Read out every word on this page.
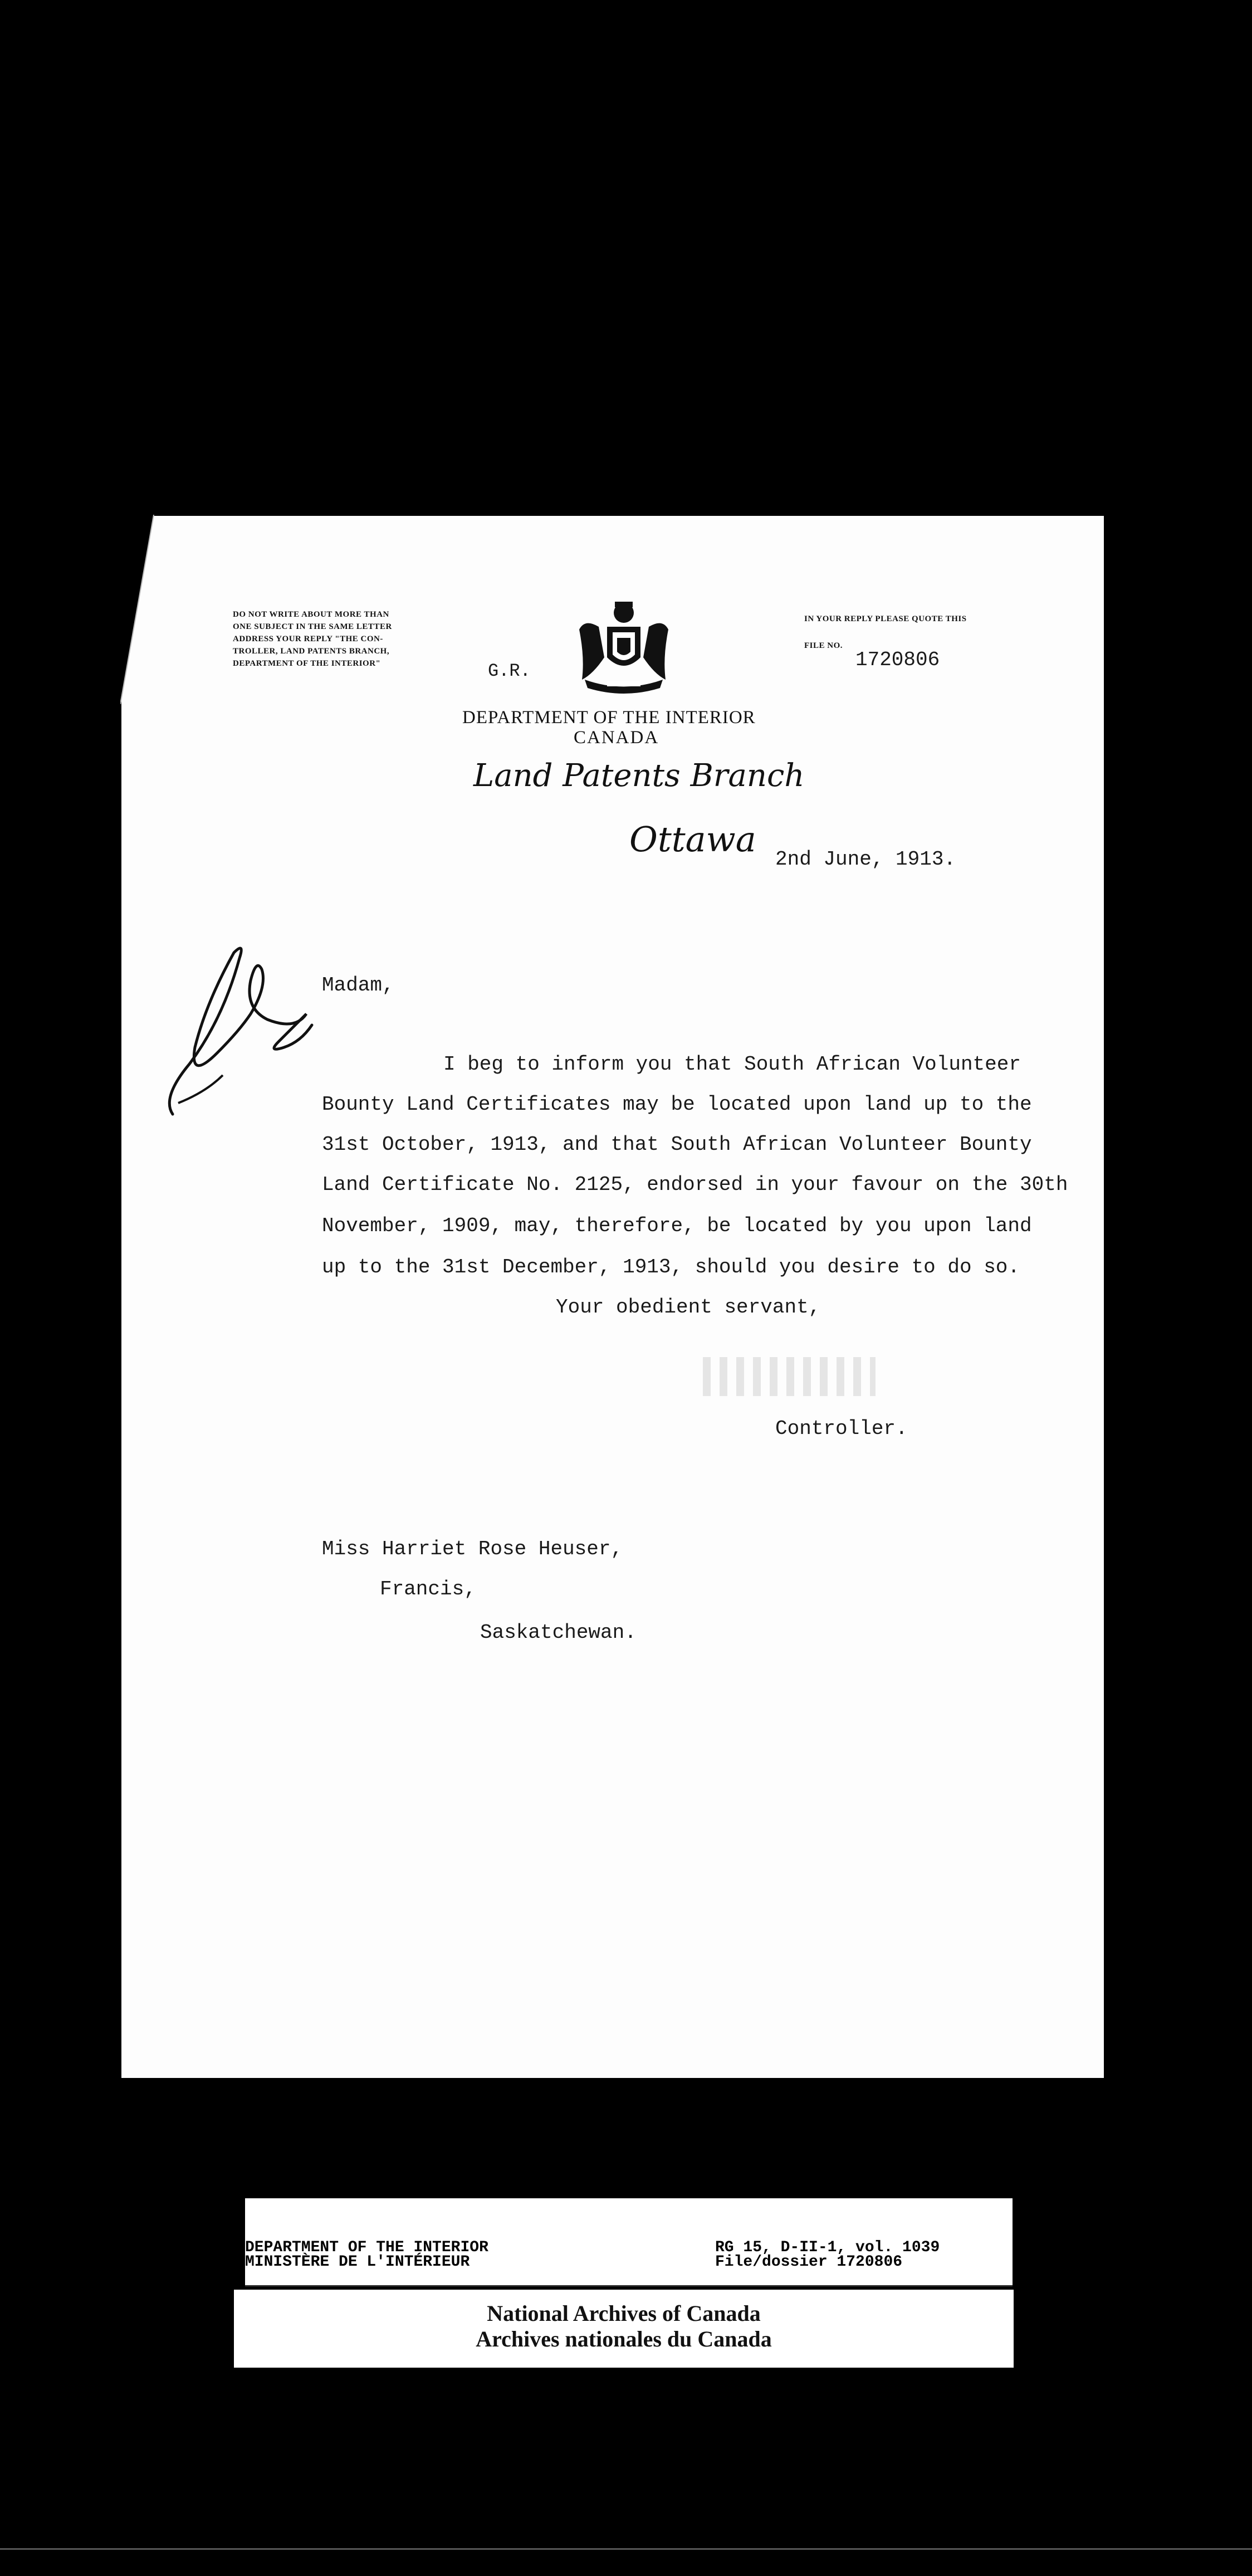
DO NOT WRITE ABOUT MORE THAN
ONE SUBJECT IN THE SAME LETTER
ADDRESS YOUR REPLY "THE CON-
TROLLER, LAND PATENTS BRANCH,
DEPARTMENT OF THE INTERIOR"	G.R.
IN YOUR REPLY PLEASE QUOTE THIS
FILE NO.
1720806
DEPARTMENT OF THE INTERIOR
CANADA
Land Patents Branch
Ottawa 2nd June, 1913.
Madam,
I beg to inform you that South African Volunteer
Bounty Land Certificates may be located upon land up to the
31st October, 1913, and that South African Volunteer Bounty
Land Certificate No. 2125, endorsed in your favour on the 30th
November, 1909, may, therefore, be located by you upon land
up to the 31st December, 1913, should you desire to do so.
Your obedient servant,
Controller.
Miss Harriet Rose Heuser,
Francis,
Saskatchewan.
DEPARTMENT OF THE INTERIOR
MINISTÈRE DE L'INTÉRIEUR
RG 15, D-II-1, vol. 1039
File/dossier 1720806
National Archives of Canada
Archives nationales du Canada
